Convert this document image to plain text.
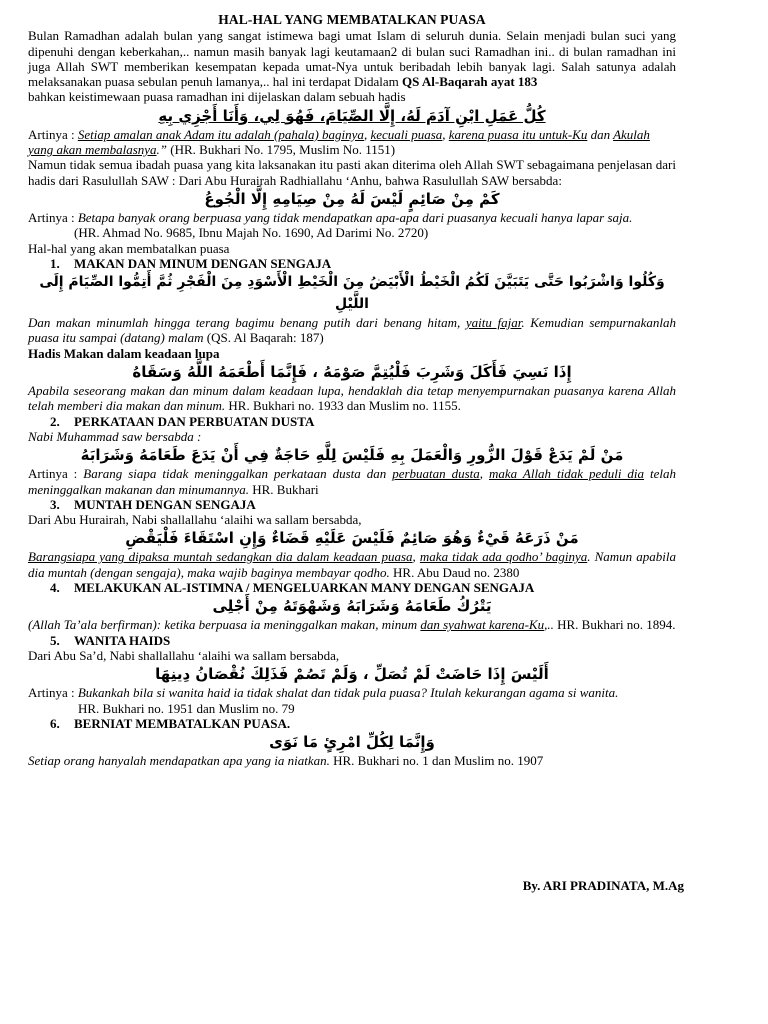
HAL-HAL YANG MEMBATALKAN PUASA

Bulan Ramadhan adalah bulan yang sangat istimewa bagi umat Islam di seluruh dunia. Selain menjadi bulan suci yang dipenuhi dengan keberkahan,.. namun masih banyak lagi keutamaan2 di bulan suci Ramadhan ini.. di bulan ramadhan ini juga Allah SWT memberikan kesempatan kepada umat-Nya untuk beribadah lebih banyak lagi. Salah satunya adalah melaksanakan puasa sebulan penuh lamanya,.. hal ini terdapat Didalam QS Al-Baqarah ayat 183

bahkan keistimewaan puasa ramadhan ini dijelaskan dalam sebuah hadis

كُلُّ عَمَلِ ابْنِ آدَمَ لَهُ، إِلَّا الصِّيَامَ، فَهُوَ لِي، وَأَنَا أَجْزِي بِهِ

Artinya : Setiap amalan anak Adam itu adalah (pahala) baginya, kecuali puasa, karena puasa itu untuk-Ku dan Akulah yang akan membalasnya.” (HR. Bukhari No. 1795, Muslim No. 1151)

Namun tidak semua ibadah puasa yang kita laksanakan itu pasti akan diterima oleh Allah SWT sebagaimana penjelasan dari hadis dari Rasulullah SAW : Dari Abu Hurairah Radhiallahu ‘Anhu, bahwa Rasulullah SAW bersabda:

كَمْ مِنْ صَائِمٍ لَيْسَ لَهُ مِنْ صِيَامِهِ إِلَّا الْجُوعُ

Artinya : Betapa banyak orang berpuasa yang tidak mendapatkan apa-apa dari puasanya kecuali hanya lapar saja.

(HR. Ahmad No. 9685, Ibnu Majah No. 1690, Ad Darimi No. 2720)

Hal-hal yang akan membatalkan puasa

1. MAKAN DAN MINUM DENGAN SENGAJA

وَكُلُوا وَاشْرَبُوا حَتَّى يَتَبَيَّنَ لَكُمُ الْخَيْطُ الْأَبْيَضُ مِنَ الْخَيْطِ الْأَسْوَدِ مِنَ الْفَجْرِ ثُمَّ أَتِمُّوا الصِّيَامَ إِلَى اللَّيْلِ

Dan makan minumlah hingga terang bagimu benang putih dari benang hitam, yaitu fajar. Kemudian sempurnakanlah puasa itu sampai (datang) malam (QS. Al Baqarah: 187)

Hadis Makan dalam keadaan lupa

إِذَا نَسِيَ فَأَكَلَ وَشَرِبَ فَلْيُتِمَّ صَوْمَهُ ، فَإِنَّمَا أَطْعَمَهُ اللَّهُ وَسَقَاهُ

Apabila seseorang makan dan minum dalam keadaan lupa, hendaklah dia tetap menyempurnakan puasanya karena Allah telah memberi dia makan dan minum. HR. Bukhari no. 1933 dan Muslim no. 1155.

2. PERKATAAN DAN PERBUATAN DUSTA

Nabi Muhammad saw bersabda :

مَنْ لَمْ يَدَعْ قَوْلَ الزُّورِ وَالْعَمَلَ بِهِ فَلَيْسَ لِلَّهِ حَاجَةٌ فِي أَنْ يَدَعَ طَعَامَهُ وَشَرَابَهُ

Artinya : Barang siapa tidak meninggalkan perkataan dusta dan perbuatan dusta, maka Allah tidak peduli dia telah meninggalkan makanan dan minumannya. HR. Bukhari

3. MUNTAH DENGAN SENGAJA

Dari Abu Hurairah, Nabi shallallahu ‘alaihi wa sallam bersabda,

مَنْ ذَرَعَهُ قَيْءٌ وَهُوَ صَائِمٌ فَلَيْسَ عَلَيْهِ قَضَاءٌ وَإِنِ اسْتَقَاءَ فَلْيَقْضِ

Barangsiapa yang dipaksa muntah sedangkan dia dalam keadaan puasa, maka tidak ada qodho’ baginya. Namun apabila dia muntah (dengan sengaja), maka wajib baginya membayar qodho. HR. Abu Daud no. 2380

4. MELAKUKAN AL-ISTIMNA / MENGELUARKAN MANY DENGAN SENGAJA

يَتْرُكُ طَعَامَهُ وَشَرَابَهُ وَشَهْوَتَهُ مِنْ أَجْلِى

(Allah Ta’ala berfirman): ketika berpuasa ia meninggalkan makan, minum dan syahwat karena-Ku,.. HR. Bukhari no. 1894.

5. WANITA HAIDS

Dari Abu Sa’d, Nabi shallallahu ‘alaihi wa sallam bersabda,

أَلَيْسَ إِذَا حَاضَتْ لَمْ تُصَلِّ ، وَلَمْ تَصُمْ فَذَلِكَ نُقْصَانُ دِينِهَا

Artinya : Bukankah bila si wanita haid ia tidak shalat dan tidak pula puasa? Itulah kekurangan agama si wanita.

HR. Bukhari no. 1951 dan Muslim no. 79

6. BERNIAT MEMBATALKAN PUASA.

وَإِنَّمَا لِكُلِّ امْرِئٍ مَا نَوَى

Setiap orang hanyalah mendapatkan apa yang ia niatkan. HR. Bukhari no. 1 dan Muslim no. 1907

By. ARI PRADINATA, M.Ag
